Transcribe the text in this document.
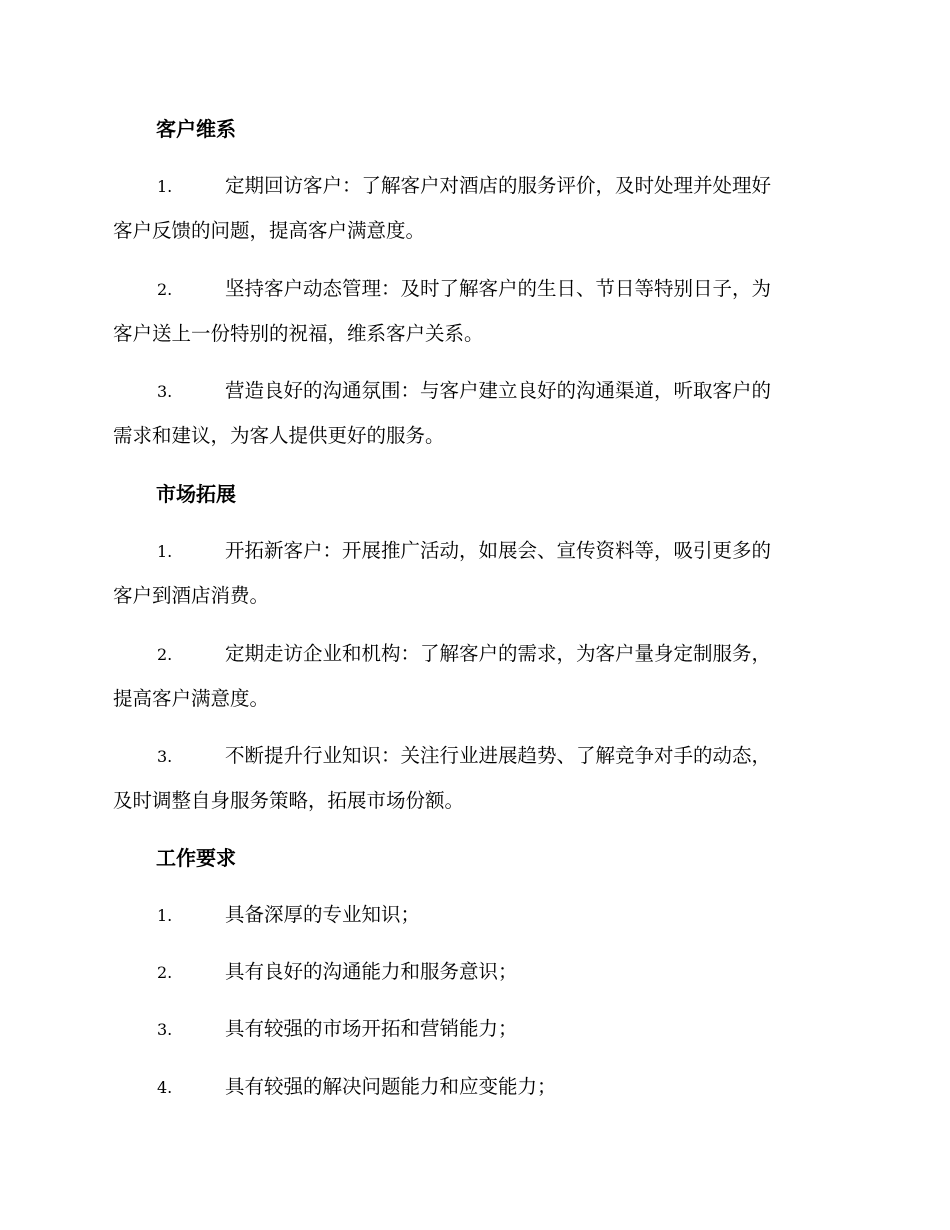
客户维系
1.	定期回访客户：了解客户对酒店的服务评价，及时处理并处理好
客户反馈的问题，提高客户满意度。
2.	坚持客户动态管理：及时了解客户的生日、节日等特别日子，为
客户送上一份特别的祝福，维系客户关系。
3.	营造良好的沟通氛围：与客户建立良好的沟通渠道，听取客户的
需求和建议，为客人提供更好的服务。
市场拓展
1.	开拓新客户：开展推广活动，如展会、宣传资料等，吸引更多的
客户到酒店消费。
2.	定期走访企业和机构：了解客户的需求，为客户量身定制服务，
提高客户满意度。
3.	不断提升行业知识：关注行业进展趋势、了解竞争对手的动态，
及时调整自身服务策略，拓展市场份额。
工作要求
1.	具备深厚的专业知识；
2.	具有良好的沟通能力和服务意识；
3.	具有较强的市场开拓和营销能力；
4.	具有较强的解决问题能力和应变能力；
